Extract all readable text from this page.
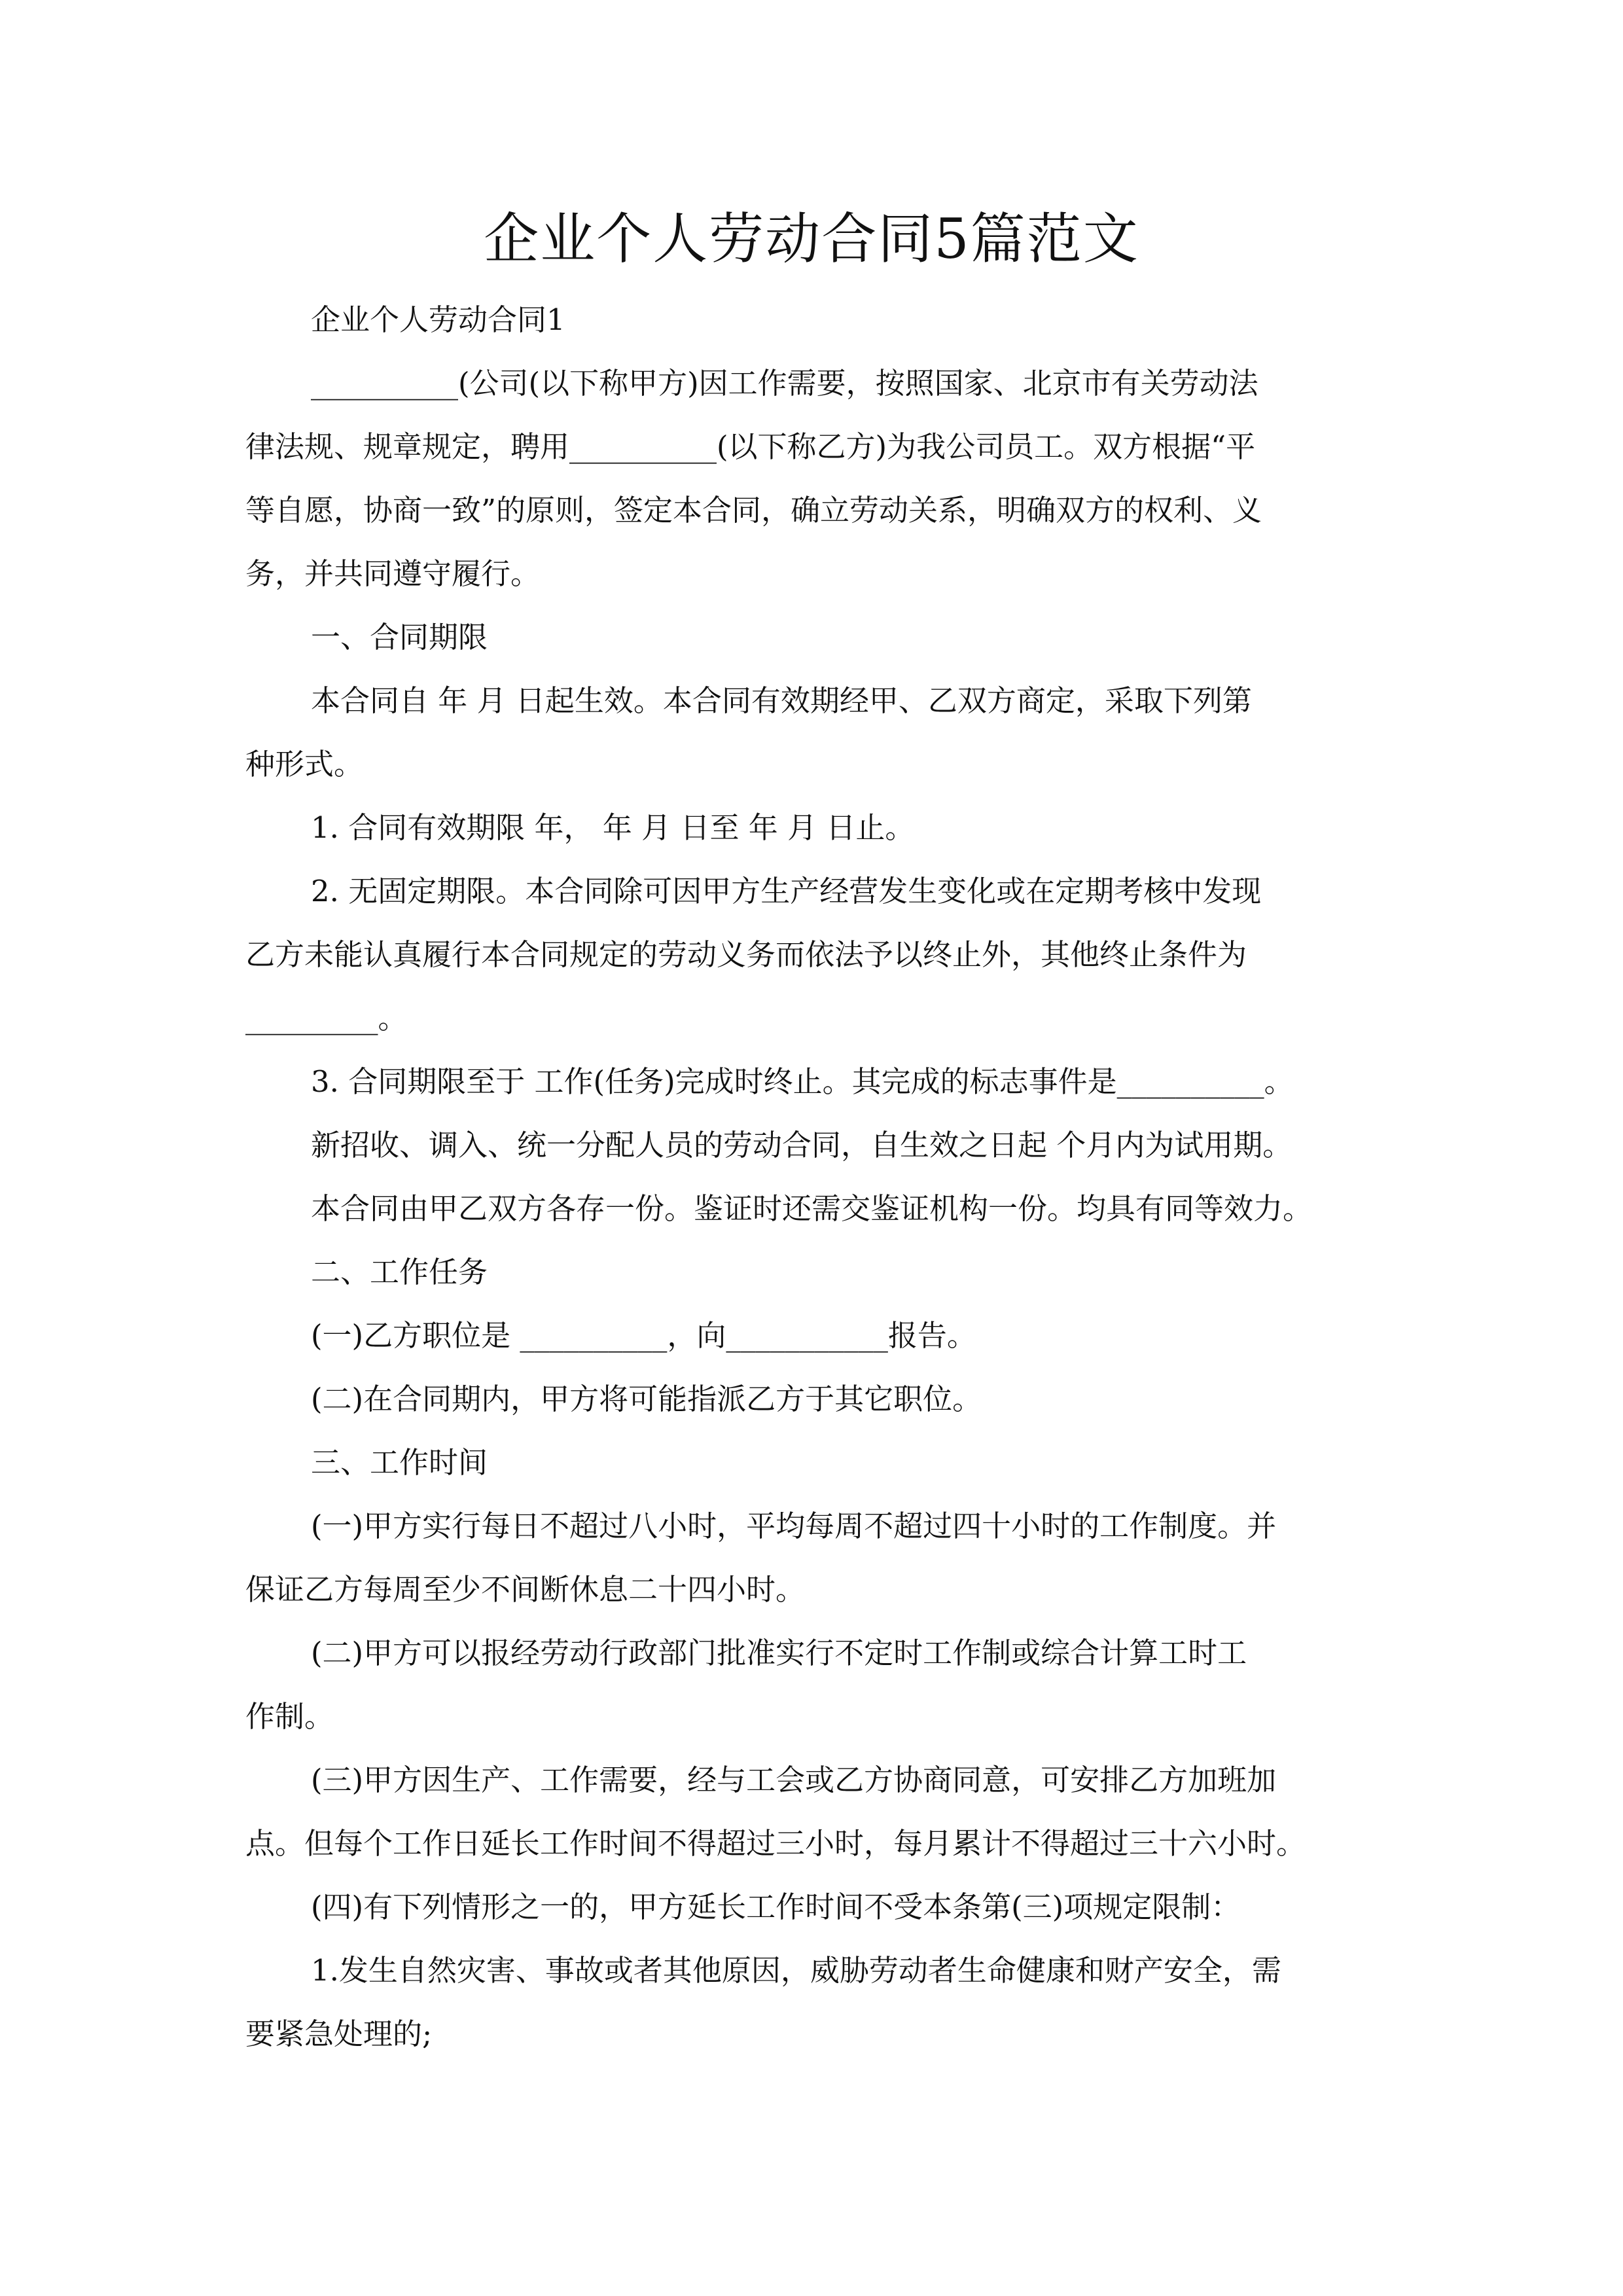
企业个人劳动合同5篇范文

企业个人劳动合同1

__________(公司(以下称甲方)因工作需要，按照国家、北京市有关劳动法

律法规、规章规定，聘用__________(以下称乙方)为我公司员工。双方根据“平

等自愿，协商一致”的原则，签定本合同，确立劳动关系，明确双方的权利、义

务，并共同遵守履行。

一、合同期限

本合同自 年 月 日起生效。本合同有效期经甲、乙双方商定，采取下列第

种形式。

1. 合同有效期限 年， 年 月 日至 年 月 日止。

2. 无固定期限。本合同除可因甲方生产经营发生变化或在定期考核中发现

乙方未能认真履行本合同规定的劳动义务而依法予以终止外，其他终止条件为

_________。

3. 合同期限至于 工作(任务)完成时终止。其完成的标志事件是__________。

新招收、调入、统一分配人员的劳动合同，自生效之日起 个月内为试用期。

本合同由甲乙双方各存一份。鉴证时还需交鉴证机构一份。均具有同等效力。

二、工作任务

(一)乙方职位是 __________，向___________报告。

(二)在合同期内，甲方将可能指派乙方于其它职位。

三、工作时间

(一)甲方实行每日不超过八小时，平均每周不超过四十小时的工作制度。并

保证乙方每周至少不间断休息二十四小时。

(二)甲方可以报经劳动行政部门批准实行不定时工作制或综合计算工时工

作制。

(三)甲方因生产、工作需要，经与工会或乙方协商同意，可安排乙方加班加

点。但每个工作日延长工作时间不得超过三小时，每月累计不得超过三十六小时。

(四)有下列情形之一的，甲方延长工作时间不受本条第(三)项规定限制：

1.发生自然灾害、事故或者其他原因，威胁劳动者生命健康和财产安全，需

要紧急处理的;
